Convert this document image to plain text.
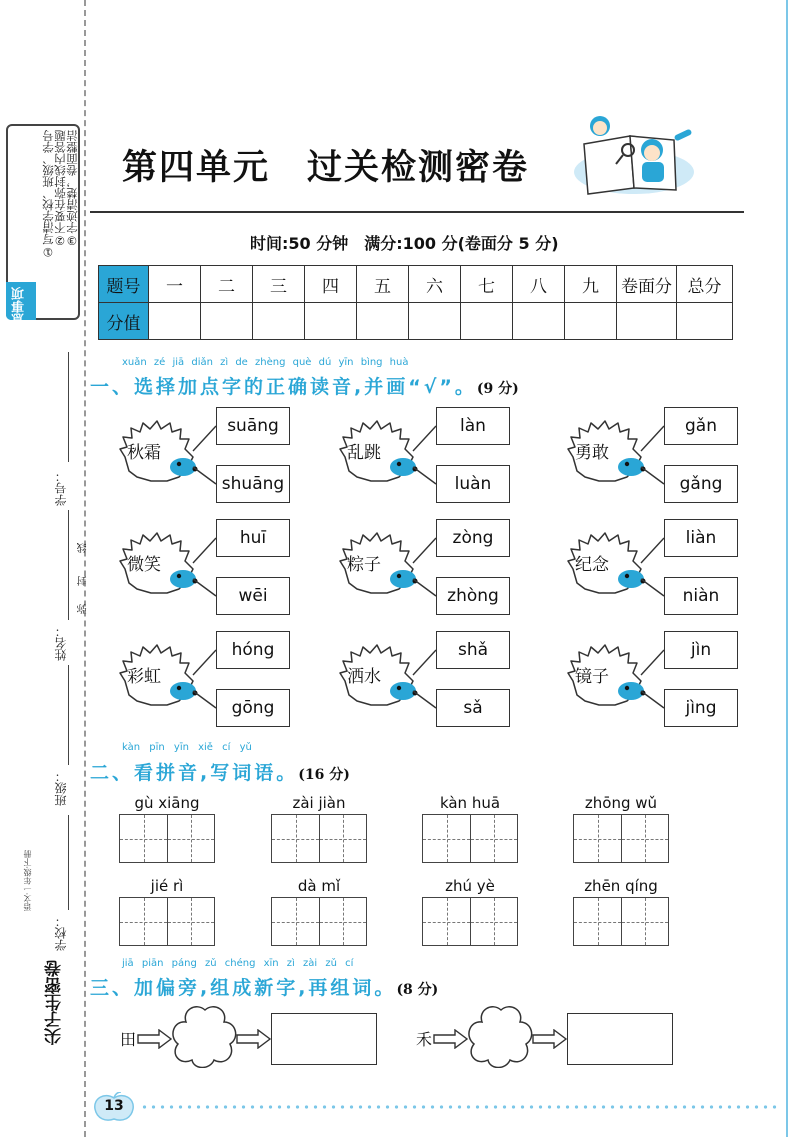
注意事项
①写清学校、班级、学号
②不要在弥封线内答题
③字迹清楚，卷面整洁
学号：
姓名：
班级：
学校：
线
封
弥
尖子生密卷
语文·一年级·下册
第四单元　过关检测密卷
时间:50 分钟　满分:100 分(卷面分 5 分)
题号	一	二	三	四	五	六	七	八	九	卷面分	总分
分值											
xuǎn zé jiā diǎn zì de zhèng què dú yīn bìng huà
一、选择加点字的正确读音,并画“√”。(9 分)
秋霜
suāng
shuāng
乱跳
làn
luàn
勇敢
gǎn
gǎng
微笑
huī
wēi
粽子
zòng
zhòng
纪念
liàn
niàn
彩虹
hóng
gōng
洒水
shǎ
sǎ
镜子
jìn
jìng
kàn pīn yīn xiě cí yǔ
二、看拼音,写词语。(16 分)
gù xiāng	zài jiàn	kàn huā	zhōng wǔ
jié rì	dà mǐ	zhú yè	zhēn qíng
jiā piān páng zǔ chéng xīn zì zài zǔ cí
三、加偏旁,组成新字,再组词。(8 分)
田	禾
13
